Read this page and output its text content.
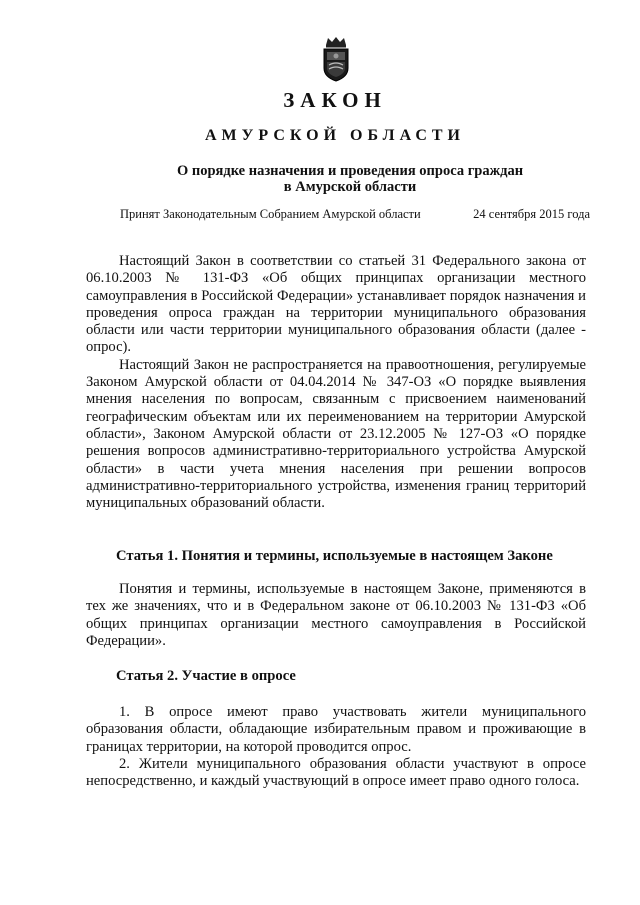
ЗАКОН
АМУРСКОЙ ОБЛАСТИ
О порядке назначения и проведения опроса граждан
в Амурской области
Принят Законодательным Собранием Амурской области	24 сентября 2015 года

Настоящий Закон в соответствии со статьей 31 Федерального закона от 06.10.2003 № 131-ФЗ «Об общих принципах организации местного самоуправления в Российской Федерации» устанавливает порядок назначения и проведения опроса граждан на территории муниципального образования области или части территории муниципального образования области (далее - опрос).

Настоящий Закон не распространяется на правоотношения, регулируемые Законом Амурской области от 04.04.2014 № 347-ОЗ «О порядке выявления мнения населения по вопросам, связанным с присвоением наименований географическим объектам или их переименованием на территории Амурской области», Законом Амурской области от 23.12.2005 № 127-ОЗ «О порядке решения вопросов административно-территориального устройства Амурской области» в части учета мнения населения при решении вопросов административно-территориального устройства, изменения границ территорий муниципальных образований области.

Статья 1. Понятия и термины, используемые в настоящем Законе

Понятия и термины, используемые в настоящем Законе, применяются в тех же значениях, что и в Федеральном законе от 06.10.2003 № 131-ФЗ «Об общих принципах организации местного самоуправления в Российской Федерации».

Статья 2. Участие в опросе

1. В опросе имеют право участвовать жители муниципального образования области, обладающие избирательным правом и проживающие в границах территории, на которой проводится опрос.

2. Жители муниципального образования области участвуют в опросе непосредственно, и каждый участвующий в опросе имеет право одного голоса.
